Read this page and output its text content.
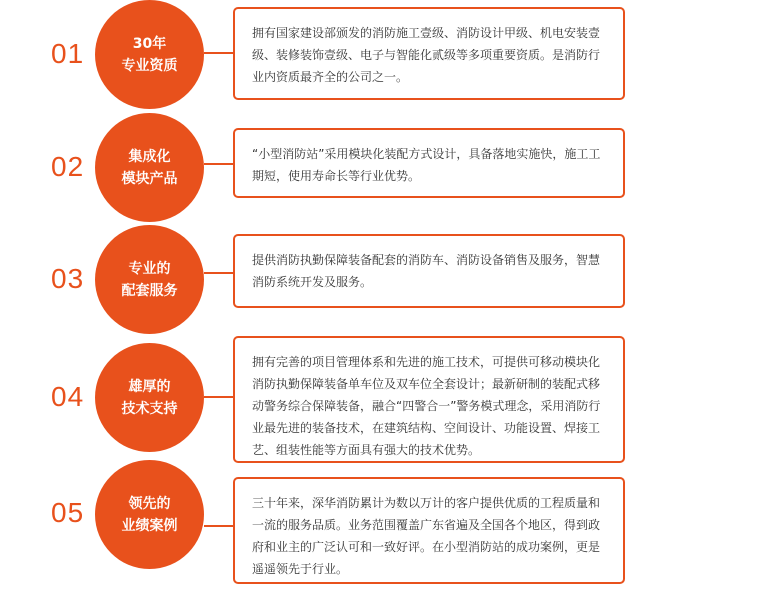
01	30年
专业资质
拥有国家建设部颁发的消防施工壹级、消防设计甲级、机电安装壹级、装修装饰壹级、电子与智能化贰级等多项重要资质。是消防行业内资质最齐全的公司之一。
02	集成化
模块产品
“小型消防站”采用模块化装配方式设计，具备落地实施快，施工工期短，使用寿命长等行业优势。
03	专业的
配套服务
提供消防执勤保障装备配套的消防车、消防设备销售及服务，智慧消防系统开发及服务。
04	雄厚的
技术支持
拥有完善的项目管理体系和先进的施工技术，可提供可移动模块化消防执勤保障装备单车位及双车位全套设计；最新研制的装配式移动警务综合保障装备，融合“四警合一”警务模式理念，采用消防行业最先进的装备技术，在建筑结构、空间设计、功能设置、焊接工艺、组装性能等方面具有强大的技术优势。
05	领先的
业绩案例
三十年来，深华消防累计为数以万计的客户提供优质的工程质量和一流的服务品质。业务范围覆盖广东省遍及全国各个地区，得到政府和业主的广泛认可和一致好评。在小型消防站的成功案例，更是遥遥领先于行业。
